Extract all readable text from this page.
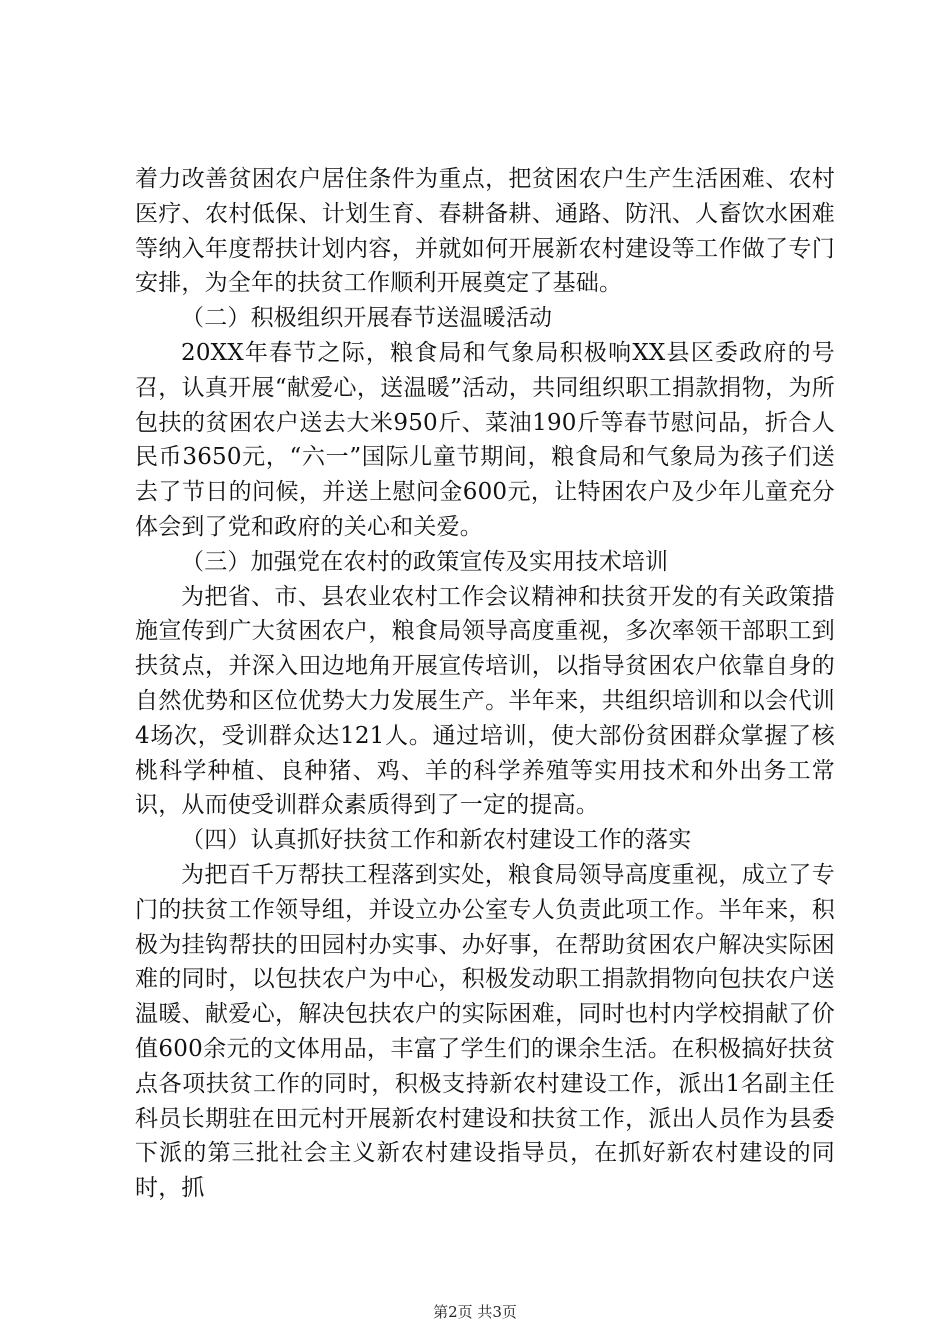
着力改善贫困农户居住条件为重点，把贫困农户生产生活困难、农村医疗、农村低保、计划生育、春耕备耕、通路、防汛、人畜饮水困难等纳入年度帮扶计划内容，并就如何开展新农村建设等工作做了专门安排，为全年的扶贫工作顺利开展奠定了基础。

（二）积极组织开展春节送温暖活动

20XX年春节之际，粮食局和气象局积极响XX县区委政府的号召，认真开展“献爱心，送温暖”活动，共同组织职工捐款捐物，为所包扶的贫困农户送去大米950斤、菜油190斤等春节慰问品，折合人民币3650元，“六一”国际儿童节期间，粮食局和气象局为孩子们送去了节日的问候，并送上慰问金600元，让特困农户及少年儿童充分体会到了党和政府的关心和关爱。

（三）加强党在农村的政策宣传及实用技术培训

为把省、市、县农业农村工作会议精神和扶贫开发的有关政策措施宣传到广大贫困农户，粮食局领导高度重视，多次率领干部职工到扶贫点，并深入田边地角开展宣传培训，以指导贫困农户依靠自身的自然优势和区位优势大力发展生产。半年来，共组织培训和以会代训4场次，受训群众达121人。通过培训，使大部份贫困群众掌握了核桃科学种植、良种猪、鸡、羊的科学养殖等实用技术和外出务工常识，从而使受训群众素质得到了一定的提高。

（四）认真抓好扶贫工作和新农村建设工作的落实

为把百千万帮扶工程落到实处，粮食局领导高度重视，成立了专门的扶贫工作领导组，并设立办公室专人负责此项工作。半年来，积极为挂钩帮扶的田园村办实事、办好事，在帮助贫困农户解决实际困难的同时，以包扶农户为中心，积极发动职工捐款捐物向包扶农户送温暖、献爱心，解决包扶农户的实际困难，同时也村内学校捐献了价值600余元的文体用品，丰富了学生们的课余生活。在积极搞好扶贫点各项扶贫工作的同时，积极支持新农村建设工作，派出1名副主任科员长期驻在田元村开展新农村建设和扶贫工作，派出人员作为县委下派的第三批社会主义新农村建设指导员，在抓好新农村建设的同时，抓

第2页 共3页
